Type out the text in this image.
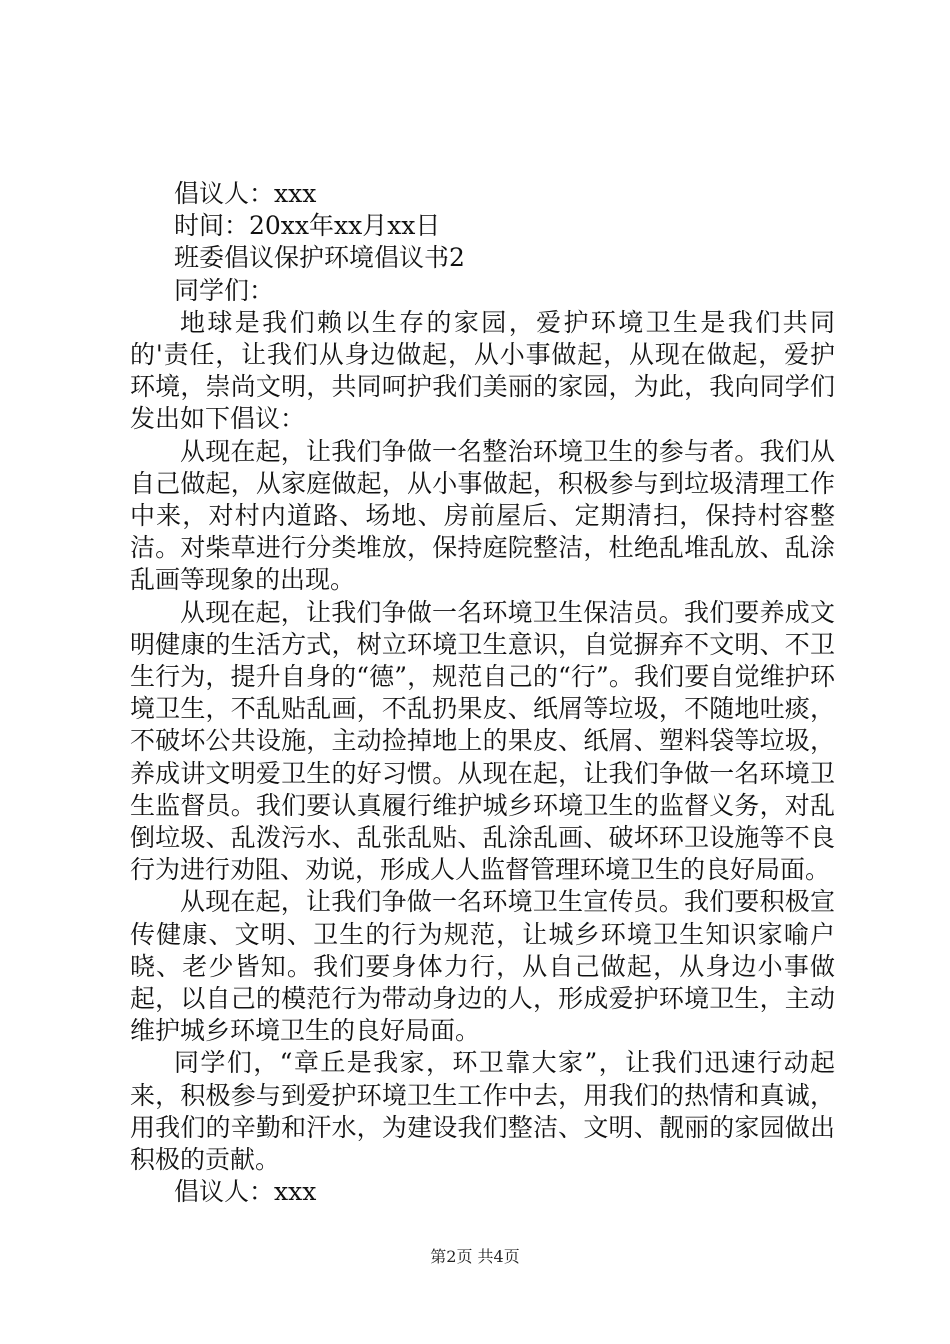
倡议人：xxx
时间：20xx年xx月xx日
班委倡议保护环境倡议书2
同学们：
地球是我们赖以生存的家园，爱护环境卫生是我们共同的'责任，让我们从身边做起，从小事做起，从现在做起，爱护环境，崇尚文明，共同呵护我们美丽的家园，为此，我向同学们发出如下倡议：
从现在起，让我们争做一名整治环境卫生的参与者。我们从自己做起，从家庭做起，从小事做起，积极参与到垃圾清理工作中来，对村内道路、场地、房前屋后、定期清扫，保持村容整洁。对柴草进行分类堆放，保持庭院整洁，杜绝乱堆乱放、乱涂乱画等现象的出现。
从现在起，让我们争做一名环境卫生保洁员。我们要养成文明健康的生活方式，树立环境卫生意识，自觉摒弃不文明、不卫生行为，提升自身的“德”，规范自己的“行”。我们要自觉维护环境卫生，不乱贴乱画，不乱扔果皮、纸屑等垃圾，不随地吐痰，不破坏公共设施，主动捡掉地上的果皮、纸屑、塑料袋等垃圾，养成讲文明爱卫生的好习惯。从现在起，让我们争做一名环境卫生监督员。我们要认真履行维护城乡环境卫生的监督义务，对乱倒垃圾、乱泼污水、乱张乱贴、乱涂乱画、破坏环卫设施等不良行为进行劝阻、劝说，形成人人监督管理环境卫生的良好局面。
从现在起，让我们争做一名环境卫生宣传员。我们要积极宣传健康、文明、卫生的行为规范，让城乡环境卫生知识家喻户晓、老少皆知。我们要身体力行，从自己做起，从身边小事做起，以自己的模范行为带动身边的人，形成爱护环境卫生，主动维护城乡环境卫生的良好局面。
同学们，“章丘是我家，环卫靠大家”，让我们迅速行动起来，积极参与到爱护环境卫生工作中去，用我们的热情和真诚，用我们的辛勤和汗水，为建设我们整洁、文明、靓丽的家园做出积极的贡献。
倡议人：xxx
第2页 共4页
